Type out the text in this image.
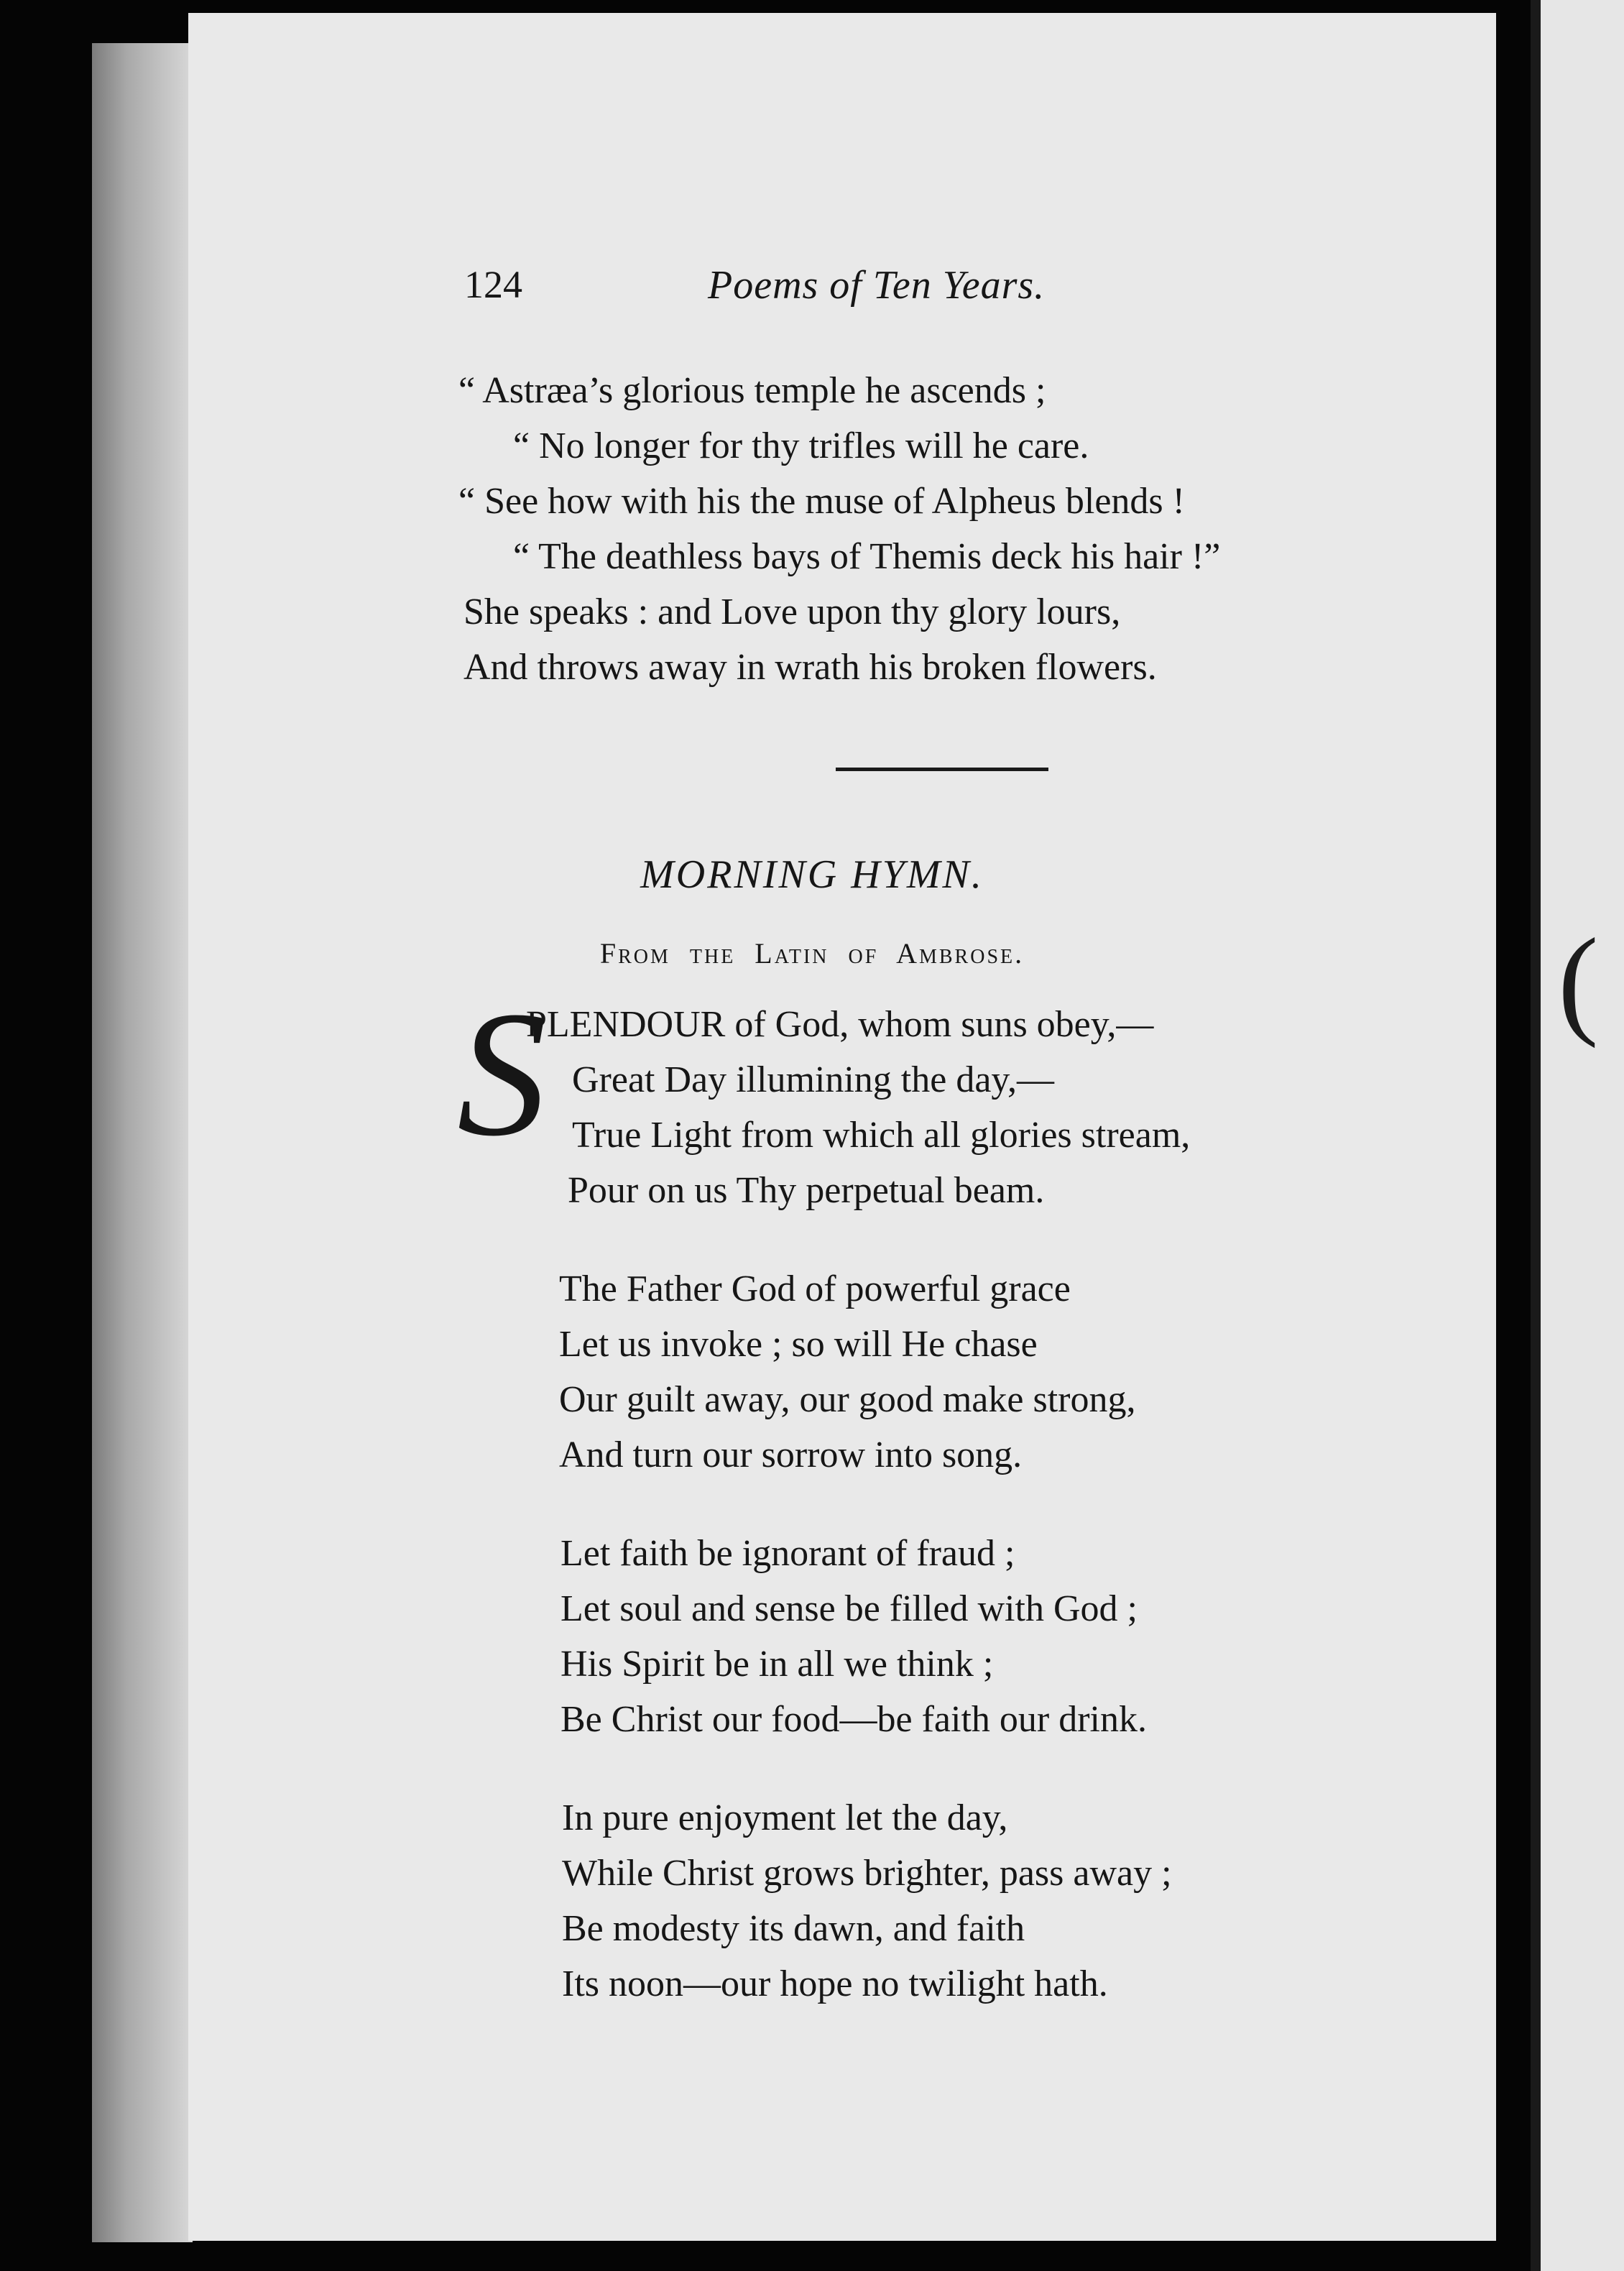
(
124	Poems of Ten Years.
“ Astræa’s glorious temple he ascends ;
“ No longer for thy trifles will he care.
“ See how with his the muse of Alpheus blends !
“ The deathless bays of Themis deck his hair !”
She speaks : and Love upon thy glory lours,
And throws away in wrath his broken flowers.
MORNING HYMN.
From the Latin of Ambrose.
S
PLENDOUR of God, whom suns obey,—
Great Day illumining the day,—
True Light from which all glories stream,
Pour on us Thy perpetual beam.
The Father God of powerful grace
Let us invoke ; so will He chase
Our guilt away, our good make strong,
And turn our sorrow into song.
Let faith be ignorant of fraud ;
Let soul and sense be filled with God ;
His Spirit be in all we think ;
Be Christ our food—be faith our drink.
In pure enjoyment let the day,
While Christ grows brighter, pass away ;
Be modesty its dawn, and faith
Its noon—our hope no twilight hath.
